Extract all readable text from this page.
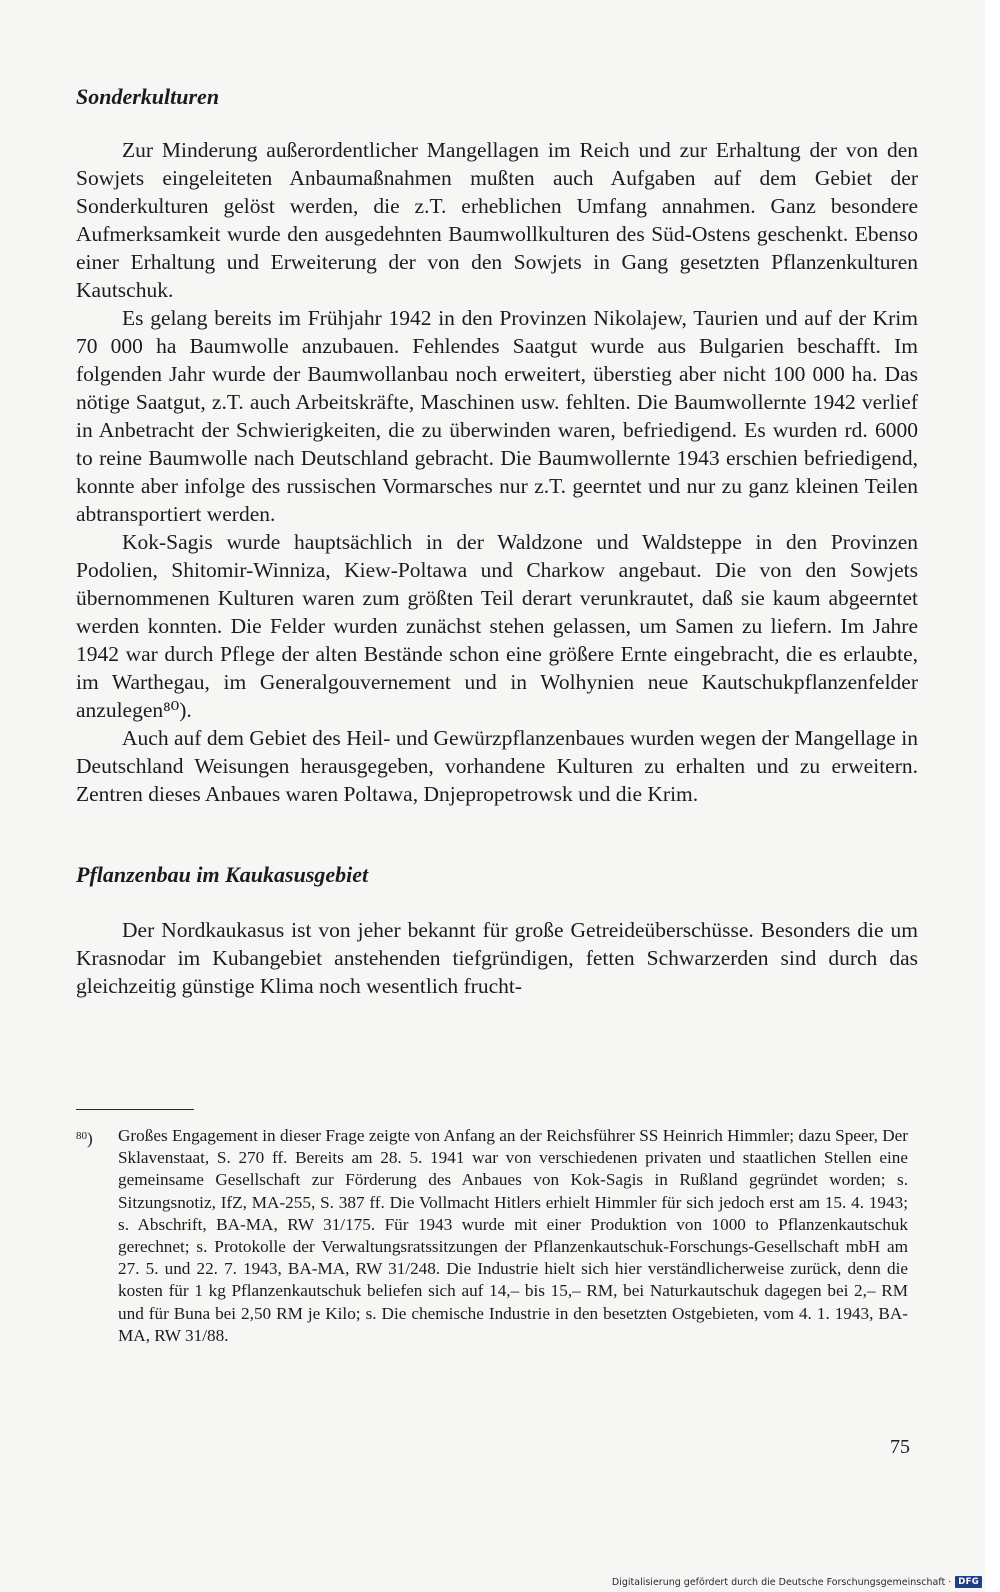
Sonderkulturen

Zur Minderung außerordentlicher Mangellagen im Reich und zur Erhaltung der von den Sowjets eingeleiteten Anbaumaßnahmen mußten auch Aufgaben auf dem Gebiet der Sonderkulturen gelöst werden, die z.T. erheblichen Umfang annahmen. Ganz besondere Aufmerksamkeit wurde den ausgedehnten Baumwollkulturen des Süd-Ostens geschenkt. Ebenso einer Erhaltung und Erweiterung der von den Sowjets in Gang gesetzten Pflanzenkulturen Kautschuk.

Es gelang bereits im Frühjahr 1942 in den Provinzen Nikolajew, Taurien und auf der Krim 70 000 ha Baumwolle anzubauen. Fehlendes Saatgut wurde aus Bulgarien beschafft. Im folgenden Jahr wurde der Baumwollanbau noch erweitert, überstieg aber nicht 100 000 ha. Das nötige Saatgut, z.T. auch Arbeitskräfte, Maschinen usw. fehlten. Die Baumwollernte 1942 verlief in Anbetracht der Schwierigkeiten, die zu überwinden waren, befriedigend. Es wurden rd. 6000 to reine Baumwolle nach Deutschland gebracht. Die Baumwollernte 1943 erschien befriedigend, konnte aber infolge des russischen Vormarsches nur z.T. geerntet und nur zu ganz kleinen Teilen abtransportiert werden.

Kok-Sagis wurde hauptsächlich in der Waldzone und Waldsteppe in den Provinzen Podolien, Shitomir-Winniza, Kiew-Poltawa und Charkow angebaut. Die von den Sowjets übernommenen Kulturen waren zum größten Teil derart verunkrautet, daß sie kaum abgeerntet werden konnten. Die Felder wurden zunächst stehen gelassen, um Samen zu liefern. Im Jahre 1942 war durch Pflege der alten Bestände schon eine größere Ernte eingebracht, die es erlaubte, im Warthegau, im Generalgouvernement und in Wolhynien neue Kautschukpflanzenfelder anzulegen⁸⁰).

Auch auf dem Gebiet des Heil- und Gewürzpflanzenbaues wurden wegen der Mangellage in Deutschland Weisungen herausgegeben, vorhandene Kulturen zu erhalten und zu erweitern. Zentren dieses Anbaues waren Poltawa, Dnjepropetrowsk und die Krim.

Pflanzenbau im Kaukasusgebiet

Der Nordkaukasus ist von jeher bekannt für große Getreideüberschüsse. Besonders die um Krasnodar im Kubangebiet anstehenden tiefgründigen, fetten Schwarzerden sind durch das gleichzeitig günstige Klima noch wesentlich frucht-

$^{80}$)	Großes Engagement in dieser Frage zeigte von Anfang an der Reichsführer SS Heinrich Himmler; dazu Speer, Der Sklavenstaat, S. 270 ff. Bereits am 28. 5. 1941 war von verschiedenen privaten und staatlichen Stellen eine gemeinsame Gesellschaft zur Förderung des Anbaues von Kok-Sagis in Rußland gegründet worden; s. Sitzungsnotiz, IfZ, MA-255, S. 387 ff. Die Vollmacht Hitlers erhielt Himmler für sich jedoch erst am 15. 4. 1943; s. Abschrift, BA-MA, RW 31/175. Für 1943 wurde mit einer Produktion von 1000 to Pflanzenkautschuk gerechnet; s. Protokolle der Verwaltungsratssitzungen der Pflanzenkautschuk-Forschungs-Gesellschaft mbH am 27. 5. und 22. 7. 1943, BA-MA, RW 31/248. Die Industrie hielt sich hier verständlicherweise zurück, denn die kosten für 1 kg Pflanzenkautschuk beliefen sich auf 14,– bis 15,– RM, bei Naturkautschuk dagegen bei 2,– RM und für Buna bei 2,50 RM je Kilo; s. Die chemische Industrie in den besetzten Ostgebieten, vom 4. 1. 1943, BA-MA, RW 31/88.

75
Digitalisierung gefördert durch die Deutsche Forschungsgemeinschaft · DFG
